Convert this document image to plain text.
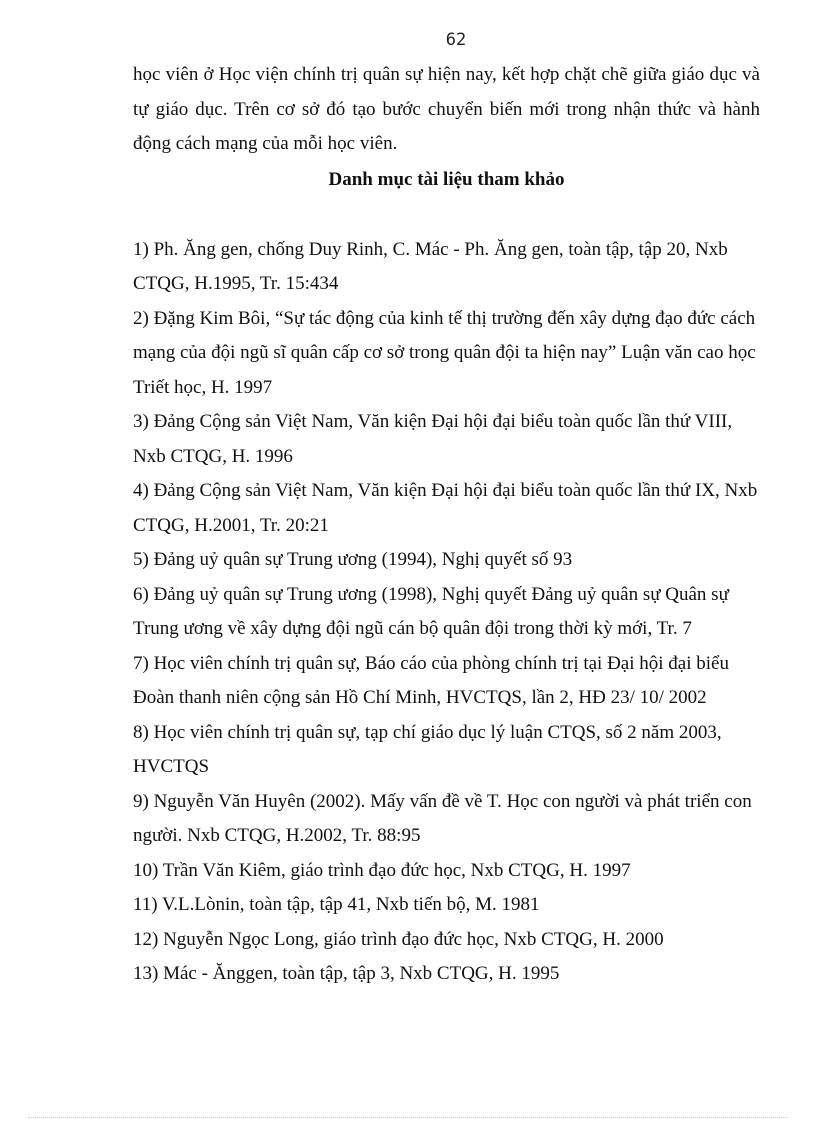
62

học viên ở Học viện chính trị quân sự hiện nay, kết hợp chặt chẽ giữa giáo dục và tự giáo dục. Trên cơ sở đó tạo bước chuyển biến mới trong nhận thức và hành động cách mạng của mỗi học viên.

Danh mục tài liệu tham khảo

1) Ph. Ăng gen, chống Duy Rinh, C. Mác - Ph. Ăng gen, toàn tập, tập 20, Nxb CTQG, H.1995, Tr. 15:434

2) Đặng Kim Bôi, “Sự tác động của kinh tế thị trường đến xây dựng đạo đức cách mạng của đội ngũ sĩ quân cấp cơ sở trong quân đội ta hiện nay” Luận văn cao học Triết học, H. 1997

3) Đảng Cộng sản Việt Nam, Văn kiện Đại hội đại biểu toàn quốc lần thứ VIII, Nxb CTQG, H. 1996

4) Đảng Cộng sản Việt Nam, Văn kiện Đại hội đại biểu toàn quốc lần thứ IX, Nxb CTQG, H.2001, Tr. 20:21

5) Đảng uỷ quân sự Trung ương (1994), Nghị quyết số 93

6) Đảng uỷ quân sự Trung ương (1998), Nghị quyết Đảng uỷ quân sự Quân sự Trung ương về xây dựng đội ngũ cán bộ quân đội trong thời kỳ mới, Tr. 7

7) Học viên chính trị quân sự, Báo cáo của phòng chính trị tại Đại hội đại biểu Đoàn thanh niên cộng sản Hồ Chí Minh, HVCTQS, lần 2, HĐ 23/ 10/ 2002

8) Học viên chính trị quân sự, tạp chí giáo dục lý luận CTQS, số 2 năm 2003, HVCTQS

9) Nguyễn Văn Huyên (2002). Mấy vấn đề về T. Học con người và phát triển con người. Nxb CTQG, H.2002, Tr. 88:95

10) Trần Văn Kiêm, giáo trình đạo đức học, Nxb CTQG, H. 1997

11) V.L.Lònin, toàn tập, tập 41, Nxb tiến bộ, M. 1981

12) Nguyễn Ngọc Long, giáo trình đạo đức học, Nxb CTQG, H. 2000

13) Mác - Ănggen, toàn tập, tập 3, Nxb CTQG, H. 1995
